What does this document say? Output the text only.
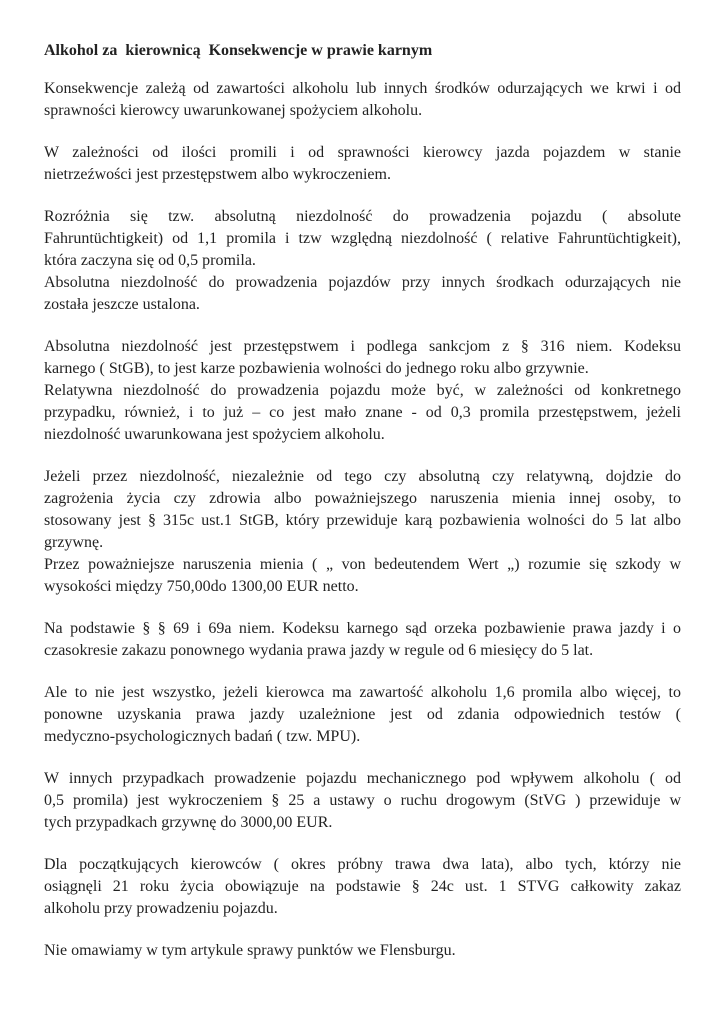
Alkohol za  kierownicą  Konsekwencje w prawie karnym
Konsekwencje zależą od zawartości alkoholu lub innych środków odurzających we krwi i od
sprawności kierowcy uwarunkowanej spożyciem alkoholu.
W zależności od ilości promili i od sprawności kierowcy jazda pojazdem w stanie
nietrzeźwości jest przestępstwem albo wykroczeniem.
Rozróżnia się tzw. absolutną niezdolność do prowadzenia pojazdu ( absolute
Fahruntüchtigkeit) od 1,1 promila i tzw względną niezdolność ( relative Fahruntüchtigkeit),
która zaczyna się od 0,5 promila.
Absolutna niezdolność do prowadzenia pojazdów przy innych środkach odurzających nie
została jeszcze ustalona.
Absolutna niezdolność jest przestępstwem i podlega sankcjom z § 316 niem. Kodeksu
karnego ( StGB), to jest karze pozbawienia wolności do jednego roku albo grzywnie.
Relatywna niezdolność do prowadzenia pojazdu może być, w zależności od konkretnego
przypadku, również, i to już – co jest mało znane - od 0,3 promila przestępstwem, jeżeli
niezdolność uwarunkowana jest spożyciem alkoholu.
Jeżeli przez niezdolność, niezależnie od tego czy absolutną czy relatywną, dojdzie do
zagrożenia życia czy zdrowia albo poważniejszego naruszenia mienia innej osoby, to
stosowany jest § 315c ust.1 StGB, który przewiduje karą pozbawienia wolności do 5 lat albo
grzywnę.
Przez poważniejsze naruszenia mienia ( „ von bedeutendem Wert „) rozumie się szkody w
wysokości między 750,00do 1300,00 EUR netto.
Na podstawie § § 69 i 69a niem. Kodeksu karnego sąd orzeka pozbawienie prawa jazdy i o
czasokresie zakazu ponownego wydania prawa jazdy w regule od 6 miesięcy do 5 lat.
Ale to nie jest wszystko, jeżeli kierowca ma zawartość alkoholu 1,6 promila albo więcej, to
ponowne uzyskania prawa jazdy uzależnione jest od zdania odpowiednich testów (
medyczno-psychologicznych badań ( tzw. MPU).
W innych przypadkach prowadzenie pojazdu mechanicznego pod wpływem alkoholu ( od
0,5 promila) jest wykroczeniem § 25 a ustawy o ruchu drogowym (StVG ) przewiduje w
tych przypadkach grzywnę do 3000,00 EUR.
Dla początkujących kierowców ( okres próbny trawa dwa lata), albo tych, którzy nie
osiągnęli 21 roku życia obowiązuje na podstawie § 24c ust. 1 STVG całkowity zakaz
alkoholu przy prowadzeniu pojazdu.
Nie omawiamy w tym artykule sprawy punktów we Flensburgu.
